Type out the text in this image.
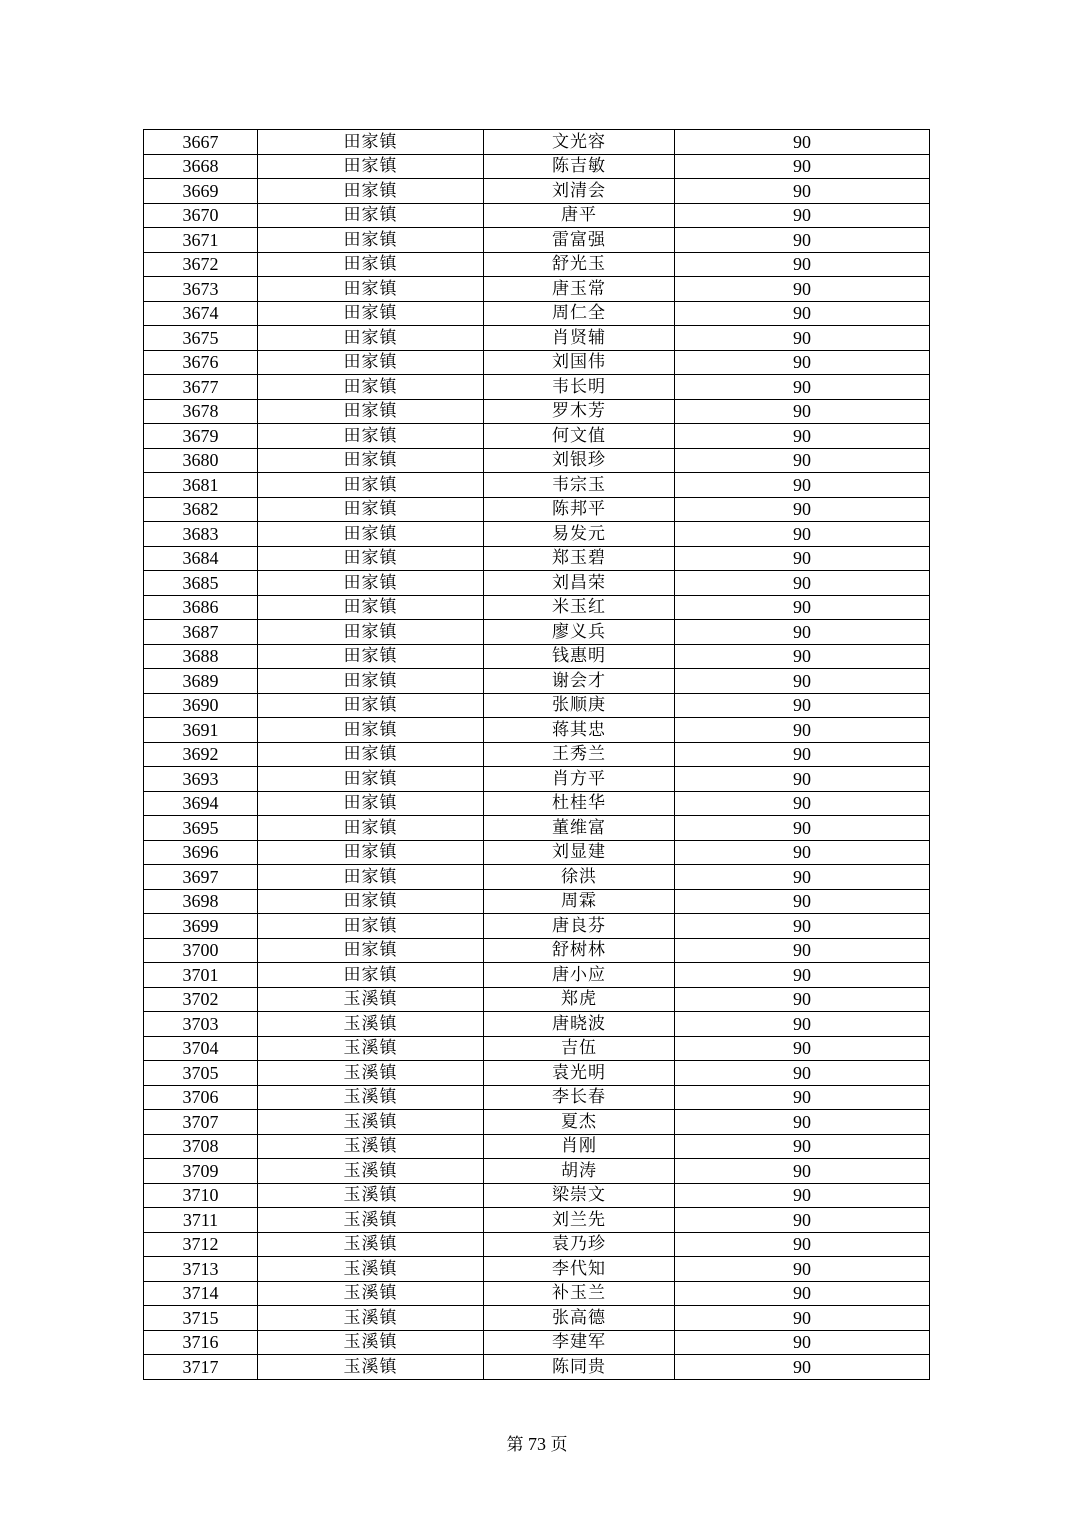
3667	田家镇	文光容	90
3668	田家镇	陈吉敏	90
3669	田家镇	刘清会	90
3670	田家镇	唐平	90
3671	田家镇	雷富强	90
3672	田家镇	舒光玉	90
3673	田家镇	唐玉常	90
3674	田家镇	周仁全	90
3675	田家镇	肖贤辅	90
3676	田家镇	刘国伟	90
3677	田家镇	韦长明	90
3678	田家镇	罗木芳	90
3679	田家镇	何文值	90
3680	田家镇	刘银珍	90
3681	田家镇	韦宗玉	90
3682	田家镇	陈邦平	90
3683	田家镇	易发元	90
3684	田家镇	郑玉碧	90
3685	田家镇	刘昌荣	90
3686	田家镇	米玉红	90
3687	田家镇	廖义兵	90
3688	田家镇	钱惠明	90
3689	田家镇	谢会才	90
3690	田家镇	张顺庚	90
3691	田家镇	蒋其忠	90
3692	田家镇	王秀兰	90
3693	田家镇	肖方平	90
3694	田家镇	杜桂华	90
3695	田家镇	董维富	90
3696	田家镇	刘显建	90
3697	田家镇	徐洪	90
3698	田家镇	周霖	90
3699	田家镇	唐良芬	90
3700	田家镇	舒树林	90
3701	田家镇	唐小应	90
3702	玉溪镇	郑虎	90
3703	玉溪镇	唐晓波	90
3704	玉溪镇	吉伍	90
3705	玉溪镇	袁光明	90
3706	玉溪镇	李长春	90
3707	玉溪镇	夏杰	90
3708	玉溪镇	肖刚	90
3709	玉溪镇	胡涛	90
3710	玉溪镇	梁崇文	90
3711	玉溪镇	刘兰先	90
3712	玉溪镇	袁乃珍	90
3713	玉溪镇	李代知	90
3714	玉溪镇	补玉兰	90
3715	玉溪镇	张高德	90
3716	玉溪镇	李建军	90
3717	玉溪镇	陈同贵	90
第 73 页
